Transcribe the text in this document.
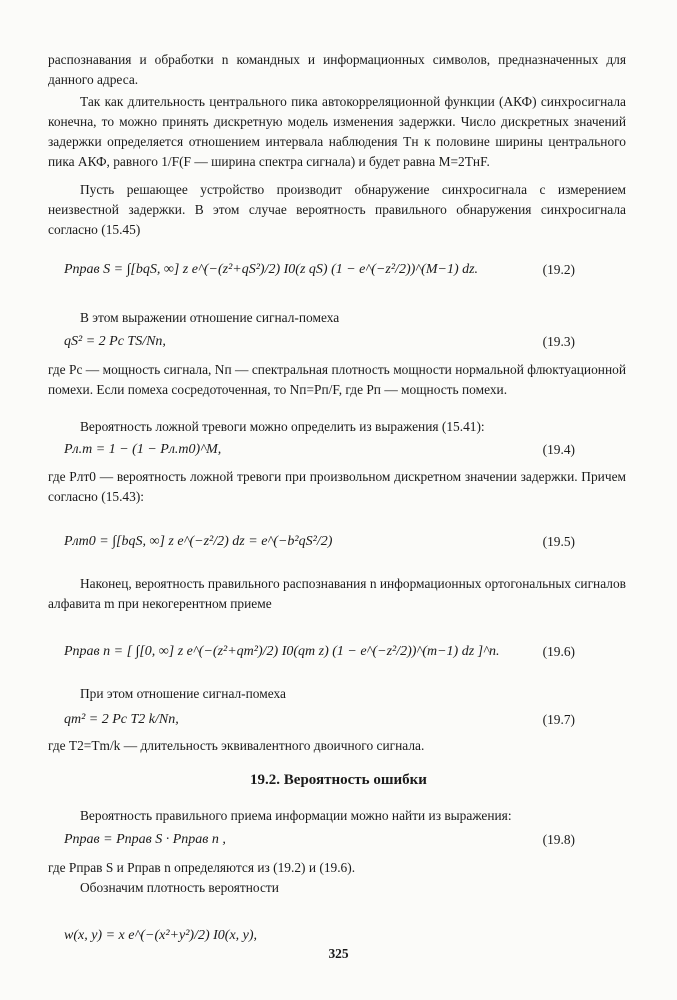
распознавания и обработки n командных и информационных символов, предназначенных для данного адреса.
Так как длительность центрального пика автокорреляционной функции (АКФ) синхросигнала конечна, то можно принять дискретную модель изменения задержки. Число дискретных значений задержки определяется отношением интервала наблюдения Tн к половине ширины центрального пика АКФ, равного 1/F(F — ширина спектра сигнала) и будет равна M=2TнF.
Пусть решающее устройство производит обнаружение синхросигнала с измерением неизвестной задержки. В этом случае вероятность правильного обнаружения синхросигнала согласно (15.45)
Pправ S = ∫[bqS, ∞] z e^(−(z²+qS²)/2) I0(z qS) (1 − e^(−z²/2))^(M−1) dz.	(19.2)
В этом выражении отношение сигнал-помеха
qS² = 2 Pc TS/Nп,	(19.3)
где Pc — мощность сигнала, Nп — спектральная плотность мощности нормальной флюктуационной помехи. Если помеха сосредоточенная, то Nп=Pп/F, где Pп — мощность помехи.
Вероятность ложной тревоги можно определить из выражения (15.41):
Pл.т = 1 − (1 − Pл.т0)^M,	(19.4)
где Pлт0 — вероятность ложной тревоги при произвольном дискретном значении задержки. Причем согласно (15.43):
Pлт0 = ∫[bqS, ∞] z e^(−z²/2) dz = e^(−b²qS²/2)	(19.5)
Наконец, вероятность правильного распознавания n информационных ортогональных сигналов алфавита m при некогерентном приеме
Pправ n = [ ∫[0, ∞] z e^(−(z²+qm²)/2) I0(qm z) (1 − e^(−z²/2))^(m−1) dz ]^n.	(19.6)
При этом отношение сигнал-помеха
qm² = 2 Pc T2 k/Nп,	(19.7)
где T2=Tm/k — длительность эквивалентного двоичного сигнала.
19.2. Вероятность ошибки
Вероятность правильного приема информации можно найти из выражения:
Pправ = Pправ S · Pправ n ,	(19.8)
где Pправ S и Pправ n определяются из (19.2) и (19.6).
Обозначим плотность вероятности
w(x, y) = x e^(−(x²+y²)/2) I0(x, y),
325
